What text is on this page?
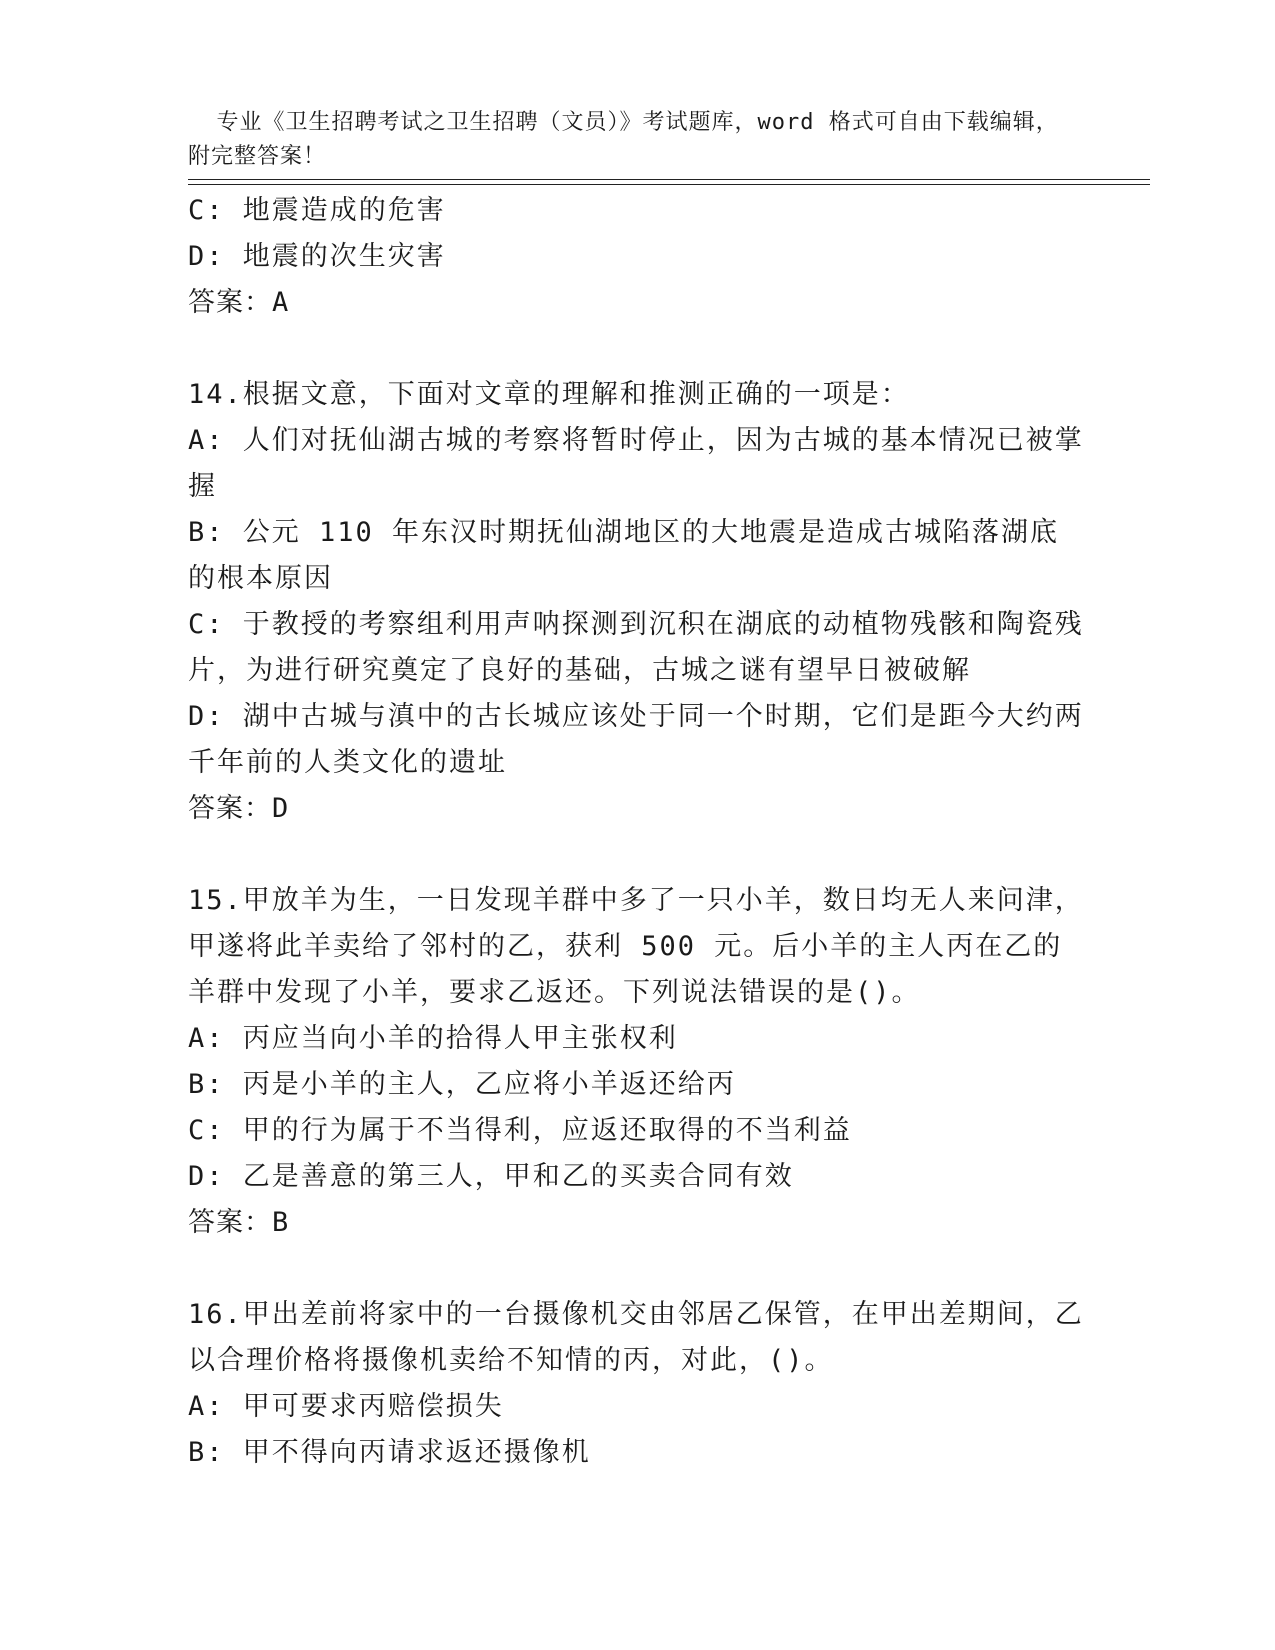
专业《卫生招聘考试之卫生招聘（文员）》考试题库，word 格式可自由下载编辑，附完整答案！

C: 地震造成的危害

D: 地震的次生灾害

答案：A

14.根据文意，下面对文章的理解和推测正确的一项是：

A: 人们对抚仙湖古城的考察将暂时停止，因为古城的基本情况已被掌握

B: 公元 110 年东汉时期抚仙湖地区的大地震是造成古城陷落湖底的根本原因

C: 于教授的考察组利用声呐探测到沉积在湖底的动植物残骸和陶瓷残片，为进行研究奠定了良好的基础，古城之谜有望早日被破解

D: 湖中古城与滇中的古长城应该处于同一个时期，它们是距今大约两千年前的人类文化的遗址

答案：D

15.甲放羊为生，一日发现羊群中多了一只小羊，数日均无人来问津，甲遂将此羊卖给了邻村的乙，获利 500 元。后小羊的主人丙在乙的羊群中发现了小羊，要求乙返还。下列说法错误的是()。

A: 丙应当向小羊的拾得人甲主张权利

B: 丙是小羊的主人，乙应将小羊返还给丙

C: 甲的行为属于不当得利，应返还取得的不当利益

D: 乙是善意的第三人，甲和乙的买卖合同有效

答案：B

16.甲出差前将家中的一台摄像机交由邻居乙保管，在甲出差期间，乙以合理价格将摄像机卖给不知情的丙，对此，()。

A: 甲可要求丙赔偿损失

B: 甲不得向丙请求返还摄像机
